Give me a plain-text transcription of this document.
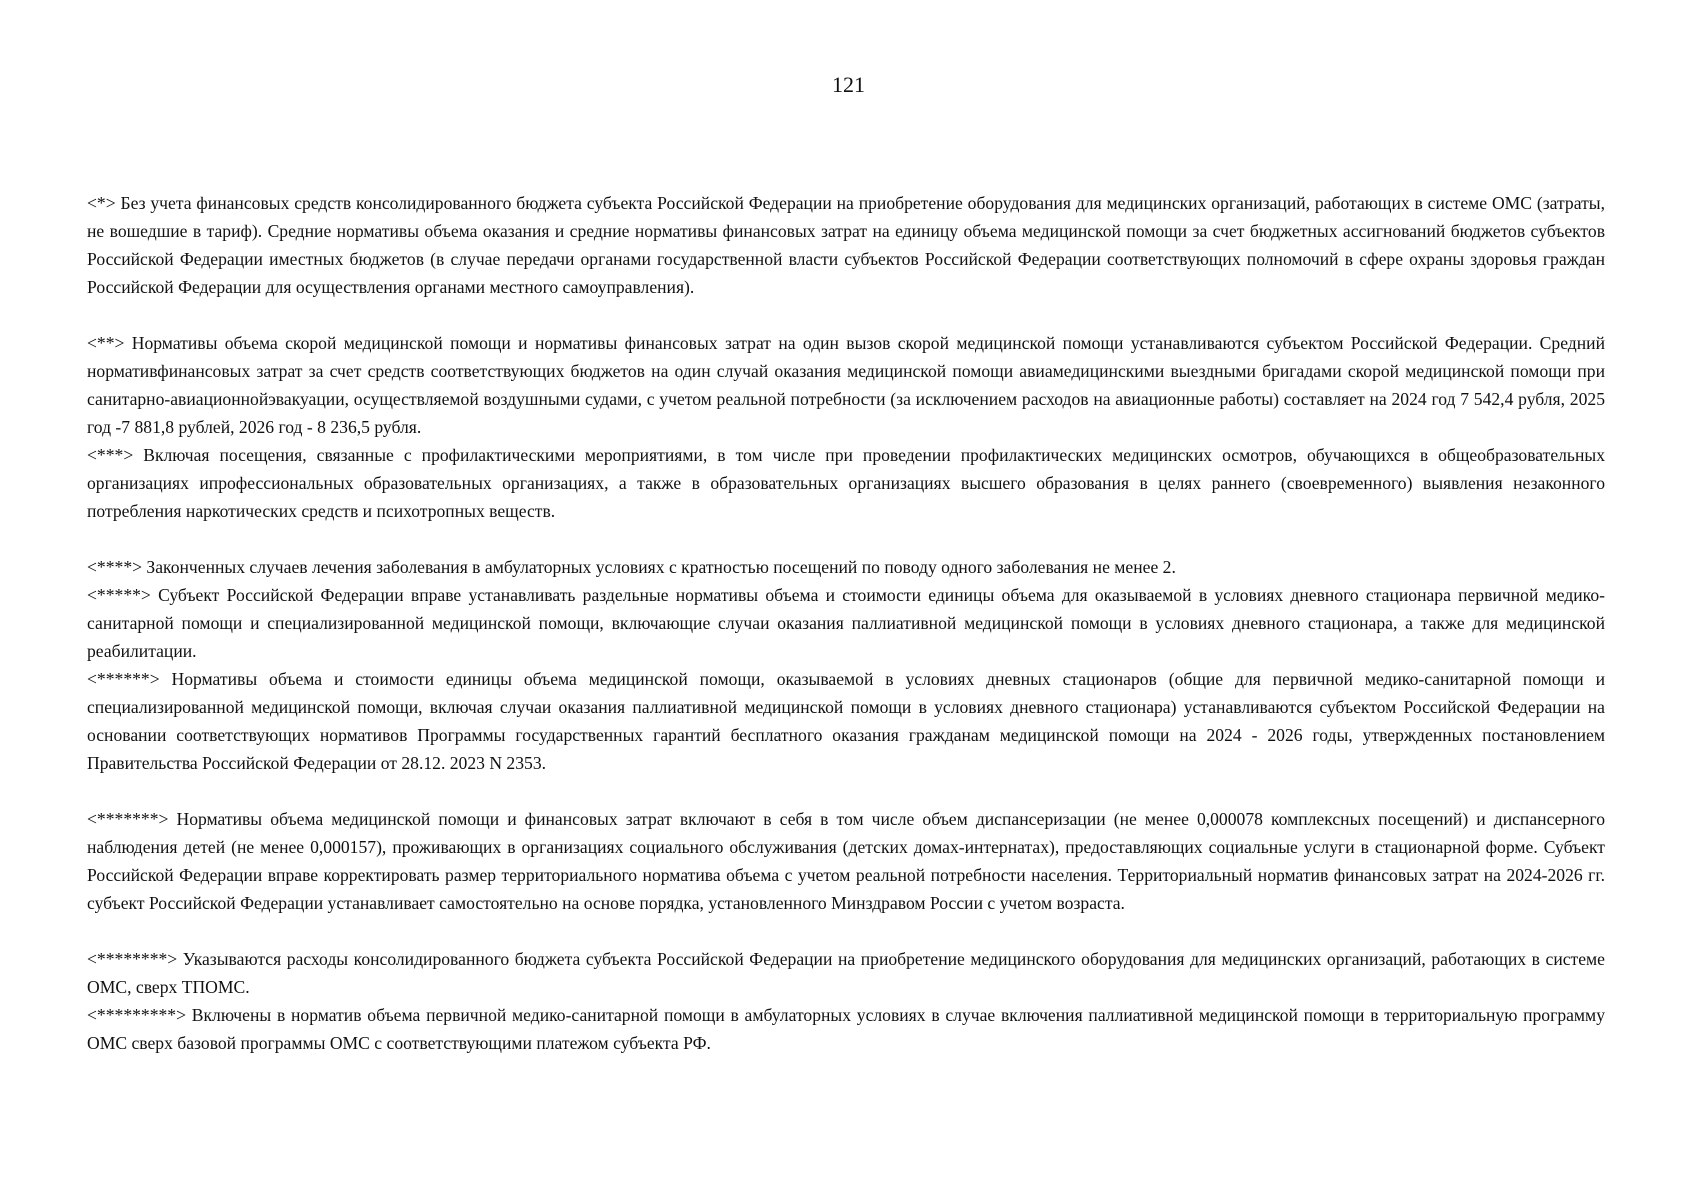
121

<*> Без учета финансовых средств консолидированного бюджета субъекта Российской Федерации на приобретение оборудования для медицинских организаций, работающих в системе ОМС (затраты, не вошедшие в тариф). Средние нормативы объема оказания и средние нормативы финансовых затрат на единицу объема медицинской помощи за счет бюджетных ассигнований бюджетов субъектов Российской Федерации иместных бюджетов (в случае передачи органами государственной власти субъектов Российской Федерации соответствующих полномочий в сфере охраны здоровья граждан Российской Федерации для осуществления органами местного самоуправления).

<**> Нормативы объема скорой медицинской помощи и нормативы финансовых затрат на один вызов скорой медицинской помощи устанавливаются субъектом Российской Федерации. Средний нормативфинансовых затрат за счет средств соответствующих бюджетов на один случай оказания медицинской помощи авиамедицинскими выездными бригадами скорой медицинской помощи при санитарно-авиационнойэвакуации, осуществляемой воздушными судами, с учетом реальной потребности (за исключением расходов на авиационные работы) составляет на 2024 год 7 542,4 рубля, 2025 год -7 881,8 рублей, 2026 год - 8 236,5 рубля.

<***> Включая посещения, связанные с профилактическими мероприятиями, в том числе при проведении профилактических медицинских осмотров, обучающихся в общеобразовательных организациях ипрофессиональных образовательных организациях, а также в образовательных организациях высшего образования в целях раннего (своевременного) выявления незаконного потребления наркотических средств и психотропных веществ.

<****> Законченных случаев лечения заболевания в амбулаторных условиях с кратностью посещений по поводу одного заболевания не менее 2.

<*****> Субъект Российской Федерации вправе устанавливать раздельные нормативы объема и стоимости единицы объема для оказываемой в условиях дневного стационара первичной медико-санитарной помощи и специализированной медицинской помощи, включающие случаи оказания паллиативной медицинской помощи в условиях дневного стационара, а также для медицинской реабилитации.

<******> Нормативы объема и стоимости единицы объема медицинской помощи, оказываемой в условиях дневных стационаров (общие для первичной медико-санитарной помощи и специализированной медицинской помощи, включая случаи оказания паллиативной медицинской помощи в условиях дневного стационара) устанавливаются субъектом Российской Федерации на основании соответствующих нормативов Программы государственных гарантий бесплатного оказания гражданам медицинской помощи на 2024 - 2026 годы, утвержденных постановлением Правительства Российской Федерации от 28.12. 2023 N 2353.

<*******> Нормативы объема медицинской помощи и финансовых затрат включают в себя в том числе объем диспансеризации (не менее 0,000078 комплексных посещений) и диспансерного наблюдения детей (не менее 0,000157), проживающих в организациях социального обслуживания (детских домах-интернатах), предоставляющих социальные услуги в стационарной форме. Субъект Российской Федерации вправе корректировать размер территориального норматива объема с учетом реальной потребности населения. Территориальный норматив финансовых затрат на 2024-2026 гг. субъект Российской Федерации устанавливает самостоятельно на основе порядка, установленного Минздравом России с учетом возраста.

<********> Указываются расходы консолидированного бюджета субъекта Российской Федерации на приобретение медицинского оборудования для медицинских организаций, работающих в системе ОМС, сверх ТПОМС.

<*********> Включены в норматив объема первичной медико-санитарной помощи в амбулаторных условиях в случае включения паллиативной медицинской помощи в территориальную программу ОМС сверх базовой программы ОМС с соответствующими платежом субъекта РФ.
